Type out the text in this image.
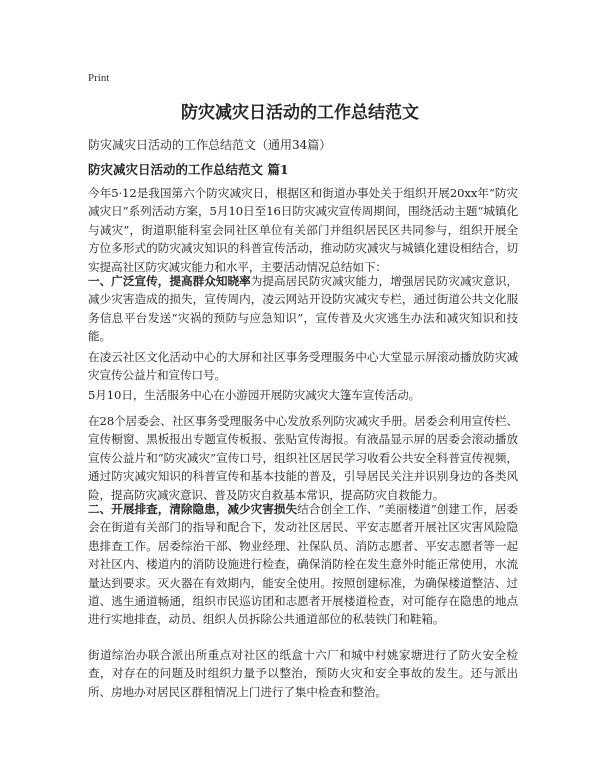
Print
防灾减灾日活动的工作总结范文

防灾减灾日活动的工作总结范文（通用34篇）

防灾减灾日活动的工作总结范文 篇1

今年5·12是我国第六个防灾减灾日，根据区和街道办事处关于组织开展20xx年“防灾减灾日”系列活动方案，5月10日至16日防灾减灾宣传周期间，围绕活动主题“城镇化与减灾”，街道职能科室会同社区单位有关部门并组织居民区共同参与，组织开展全方位多形式的防灾减灾知识的科普宣传活动，推动防灾减灾与城镇化建设相结合，切实提高社区防灾减灾能力和水平，主要活动情况总结如下：

一、广泛宣传，提高群众知晓率为提高居民防灾减灾能力，增强居民防灾减灾意识，减少灾害造成的损失，宣传周内，凌云网站开设防灾减灾专栏，通过街道公共文化服务信息平台发送“灾祸的预防与应急知识”，宣传普及火灾逃生办法和减灾知识和技能。

在凌云社区文化活动中心的大屏和社区事务受理服务中心大堂显示屏滚动播放防灾减灾宣传公益片和宣传口号。

5月10日，生活服务中心在小游园开展防灾减灾大篷车宣传活动。

在28个居委会、社区事务受理服务中心发放系列防灾减灾手册。居委会利用宣传栏、宣传橱窗、黑板报出专题宣传板报、张贴宣传海报。有液晶显示屏的居委会滚动播放宣传公益片和“防灾减灾”宣传口号，组织社区居民学习收看公共安全科普宣传视频，通过防灾减灾知识的科普宣传和基本技能的普及，引导居民关注并识别身边的各类风险，提高防灾减灾意识、普及防灾自救基本常识，提高防灾自救能力。

二、开展排查，清除隐患，减少灾害损失结合创全工作、“美丽楼道”创建工作，居委会在街道有关部门的指导和配合下，发动社区居民、平安志愿者开展社区灾害风险隐患排查工作。居委综治干部、物业经理、社保队员、消防志愿者、平安志愿者等一起对社区内、楼道内的消防设施进行检查，确保消防栓在发生意外时能正常使用，水流量达到要求。灭火器在有效期内，能安全使用。按照创建标准，为确保楼道整洁、过道、逃生通道畅通，组织市民巡访团和志愿者开展楼道检查，对可能存在隐患的地点进行实地排查，动员、组织人员拆除公共通道部位的私装铁门和鞋箱。

街道综治办联合派出所重点对社区的纸盒十六厂和城中村姚家塘进行了防火安全检查，对存在的问题及时组织力量予以整治，预防火灾和安全事故的发生。还与派出所、房地办对居民区群租情况上门进行了集中检查和整治。
